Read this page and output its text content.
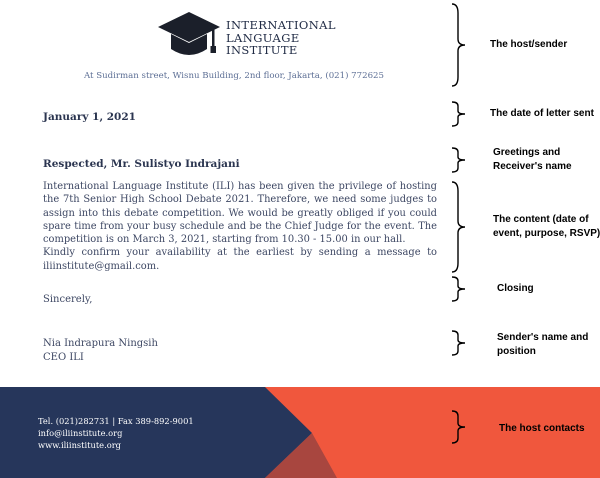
INTERNATIONAL
LANGUAGE
INSTITUTE
At Sudirman street, Wisnu Building, 2nd floor, Jakarta, (021) 772625
January 1, 2021
Respected, Mr. Sulistyo Indrajani

International Language Institute (ILI) has been given the privilege of hosting the 7th Senior High School Debate 2021. Therefore, we need some judges to assign into this debate competition. We would be greatly obliged if you could spare time from your busy schedule and be the Chief Judge for the event. The competition is on March 3, 2021, starting from 10.30 - 15.00 in our hall.

Kindly confirm your availability at the earliest by sending a message to iliinstitute@gmail.com.

Sincerely,
Nia Indrapura Ningsih
CEO ILI
Tel. (021)282731 | Fax 389-892-9001
info@iliinstitute.org
www.iliinstitute.org
The host/sender
The date of letter sent
Greetings and
Receiver's name
The content (date of
event, purpose, RSVP)
Closing
Sender's name and
position
The host contacts
